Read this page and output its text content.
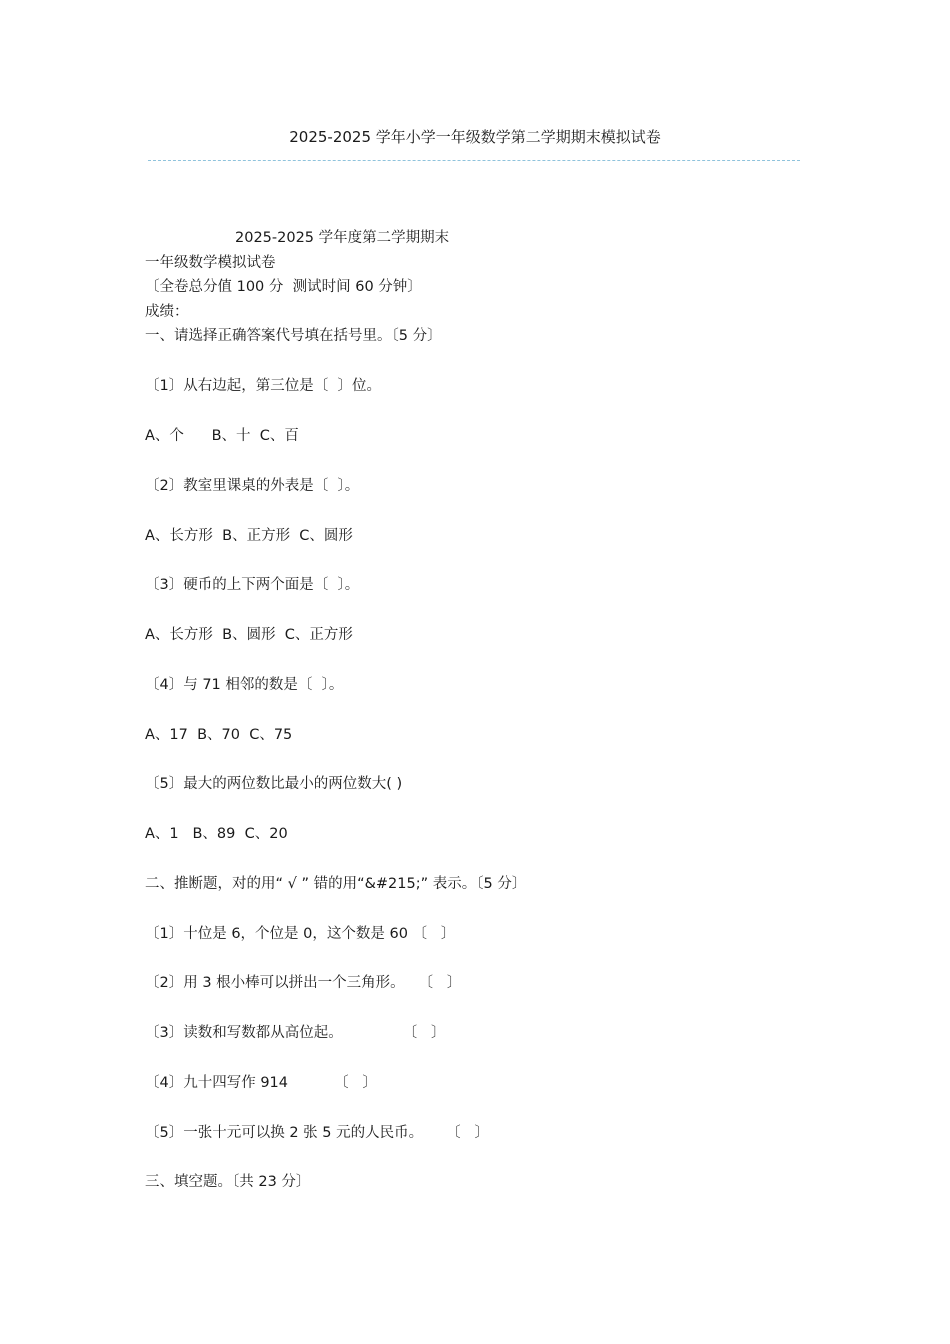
2025-2025 学年小学一年级数学第二学期期末模拟试卷
2025-2025 学年度第二学期期末
一年级数学模拟试卷
〔全卷总分值 100 分  测试时间 60 分钟〕
成绩：
一、请选择正确答案代号填在括号里。〔5 分〕
〔1〕从右边起，第三位是〔  〕位。
A、个      B、十  C、百
〔2〕教室里课桌的外表是〔  〕。
A、长方形  B、正方形  C、圆形
〔3〕硬币的上下两个面是〔  〕。
A、长方形  B、圆形  C、正方形
〔4〕与 71 相邻的数是〔  〕。
A、17  B、70  C、75
〔5〕最大的两位数比最小的两位数大( )
A、1   B、89  C、20
二、推断题，对的用“ √ ” 错的用“&#215;” 表示。〔5 分〕
〔1〕十位是 6，个位是 0，这个数是 60 〔   〕
〔2〕用 3 根小棒可以拼出一个三角形。   〔   〕
〔3〕读数和写数都从高位起。             〔   〕
〔4〕九十四写作 914          〔   〕
〔5〕一张十元可以换 2 张 5 元的人民币。     〔   〕
三、填空题。〔共 23 分〕
